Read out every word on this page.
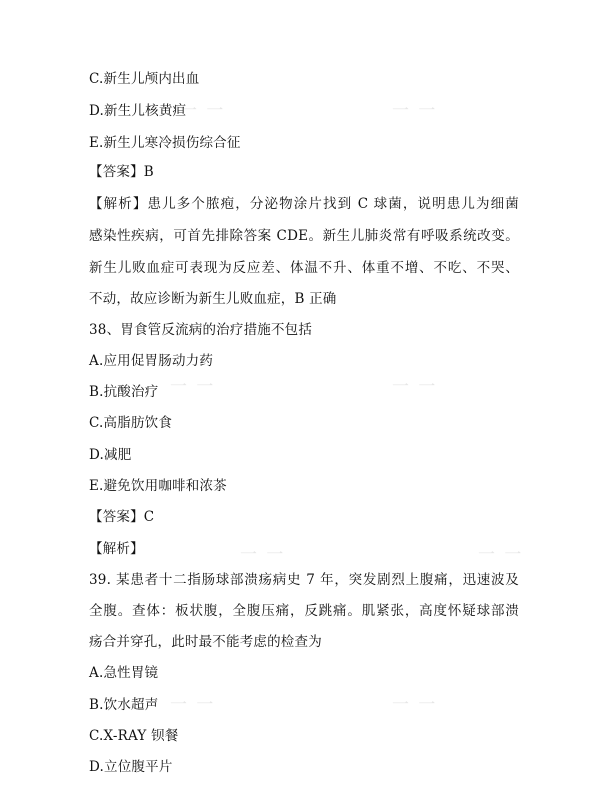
一 一	一 一
一 一	一 一
一 一	一 一
一 一	一 一
C.新生儿颅内出血
D.新生儿核黄疸
E.新生儿寒冷损伤综合征
【答案】B
【解析】患儿多个脓疱，分泌物涂片找到 C 球菌，说明患儿为细菌
感染性疾病，可首先排除答案 CDE。新生儿肺炎常有呼吸系统改变。
新生儿败血症可表现为反应差、体温不升、体重不增、不吃、不哭、
不动，故应诊断为新生儿败血症，B 正确
38、胃食管反流病的治疗措施不包括
A.应用促胃肠动力药
B.抗酸治疗
C.高脂肪饮食
D.减肥
E.避免饮用咖啡和浓茶
【答案】C
【解析】
39. 某患者十二指肠球部溃疡病史 7 年，突发剧烈上腹痛，迅速波及
全腹。查体：板状腹，全腹压痛，反跳痛。肌紧张，高度怀疑球部溃
疡合并穿孔，此时最不能考虑的检查为
A.急性胃镜
B.饮水超声
C.X-RAY 钡餐
D.立位腹平片
